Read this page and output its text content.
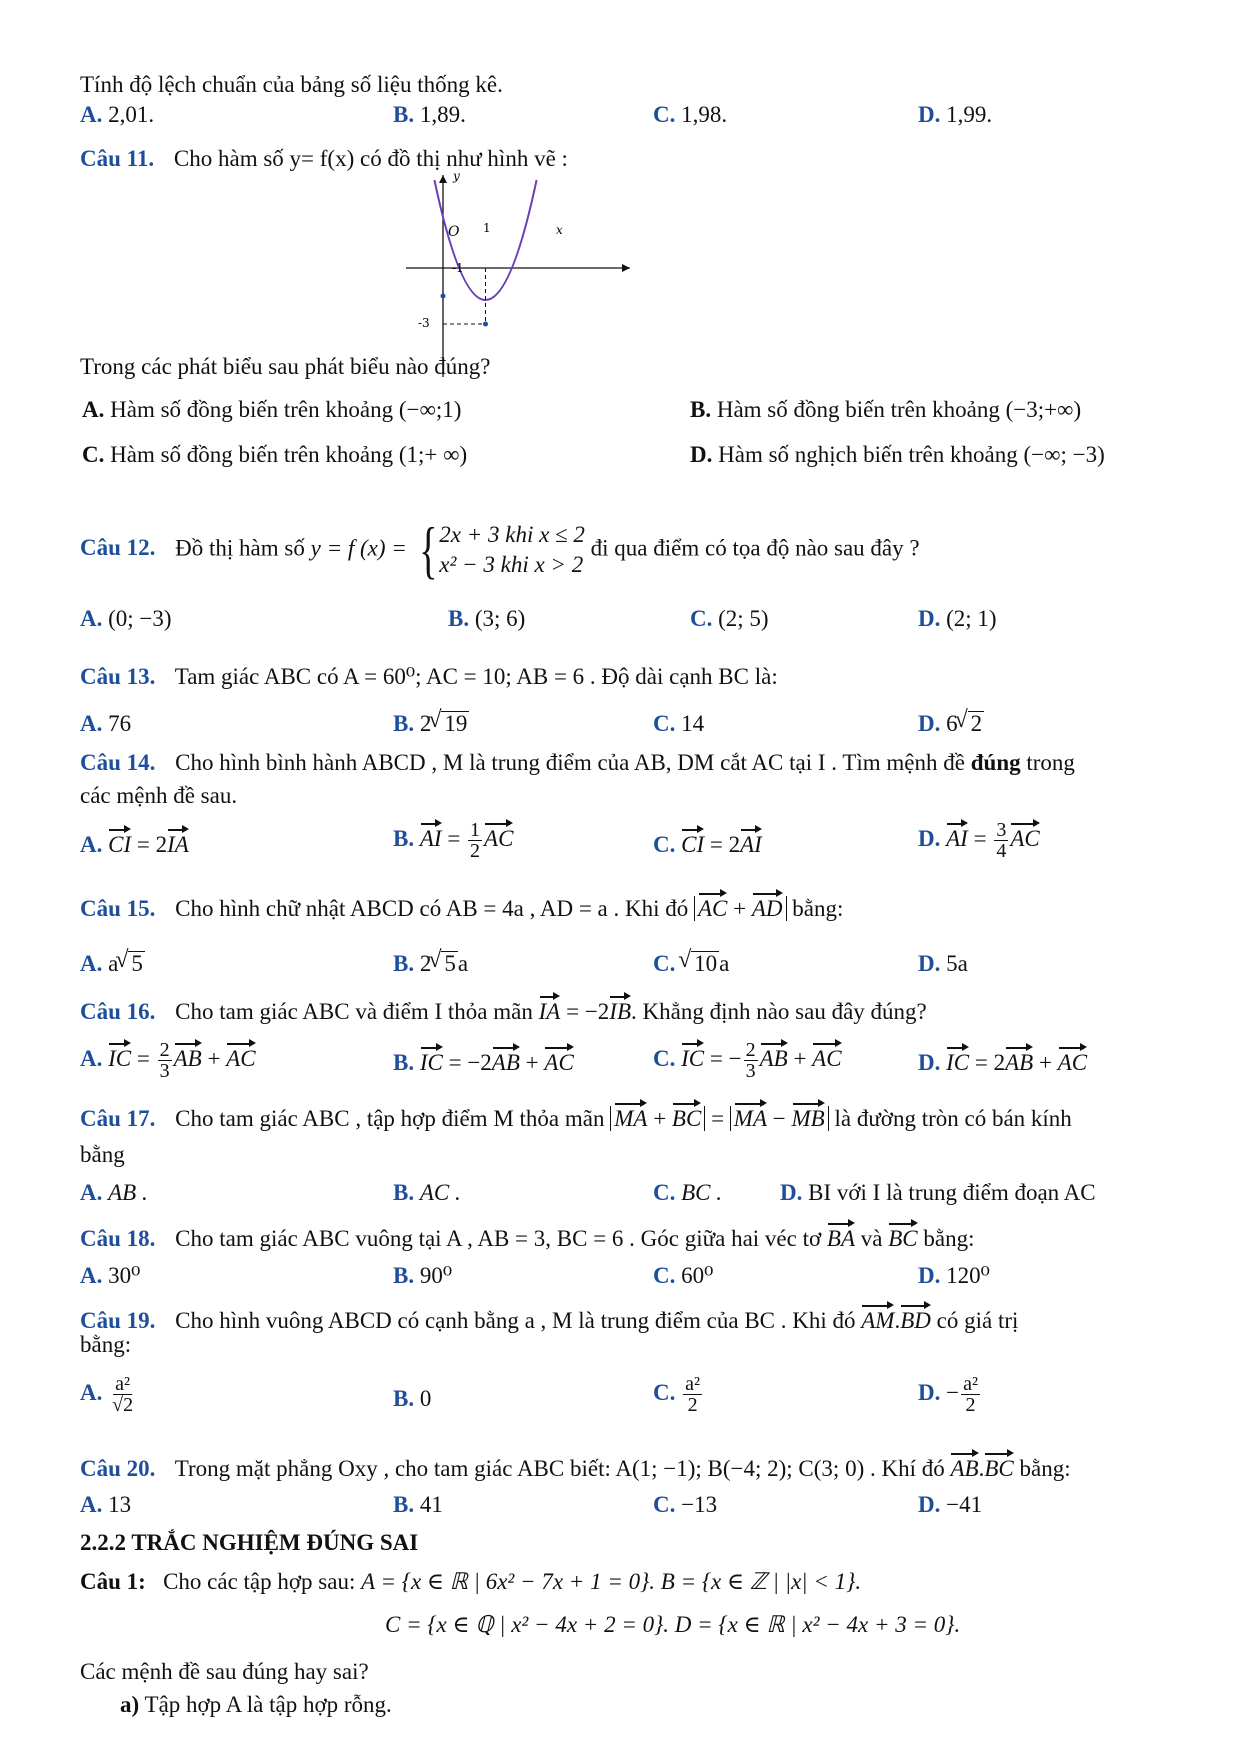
Tính độ lệch chuẩn của bảng số liệu thống kê.
A. 2,01.	B. 1,89.	C. 1,98.	D. 1,99.
Câu 11. Cho hàm số y= f(x) có đồ thị như hình vẽ :
y
x
O 1
-1
-3
Trong các phát biểu sau phát biểu nào đúng?
A. Hàm số đồng biến trên khoảng (−∞;1)	B. Hàm số đồng biến trên khoảng (−3;+∞)
C. Hàm số đồng biến trên khoảng (1;+ ∞)	D. Hàm số nghịch biến trên khoảng (−∞; −3)
Câu 12. Đồ thị hàm số y = f (x) = { 2x + 3 khi x ≤ 2
x² − 3 khi x > 2
đi qua điểm có tọa độ nào sau đây ?
A. (0; −3)	B. (3; 6)	C. (2; 5)	D. (2; 1)
Câu 13. Tam giác ABC có A = 60⁰; AC = 10; AB = 6 . Độ dài cạnh BC là:
A. 76	B. 2 √ 19	C. 14	D. 6 √ 2
Câu 14. Cho hình bình hành ABCD , M là trung điểm của AB, DM cắt AC tại I . Tìm mệnh đề đúng trong
các mệnh đề sau.
A. CI = 2IA	B. AI = $\frac{1}{2}$ AC	C. CI = 2AI	D. AI = $\frac{3}{4}$ AC
Câu 15. Cho hình chữ nhật ABCD có AB = 4a , AD = a . Khi đó AC + AD bằng:
A. a √ 5	B. 2 √ 5a	C. √ 10a	D. 5a
Câu 16. Cho tam giác ABC và điểm I thỏa mãn IA = −2IB. Khẳng định nào sau đây đúng?
A. IC = $\frac{2}{3}$ AB + AC	B. IC = −2AB + AC	C. IC = − $\frac{2}{3}$ AB + AC	D. IC = 2AB + AC
Câu 17. Cho tam giác ABC , tập hợp điểm M thỏa mãn MA + BC = MA − MB là đường tròn có bán kính
bằng
A. AB .	B. AC .	C. BC .	D. BI với I là trung điểm đoạn AC
Câu 18. Cho tam giác ABC vuông tại A , AB = 3, BC = 6 . Góc giữa hai véc tơ BA và BC bằng:
A. 30⁰	B. 90⁰	C. 60⁰	D. 120⁰
Câu 19. Cho hình vuông ABCD có cạnh bằng a , M là trung điểm của BC . Khi đó AM.BD có giá trị
bằng:
A. $\frac{\text{a²}}{√2}$	B. 0	C. $\frac{\text{a²}}{2}$	D. − $\frac{\text{a²}}{2}$
Câu 20. Trong mặt phẳng Oxy , cho tam giác ABC biết: A(1; −1); B(−4; 2); C(3; 0) . Khí đó AB.BC bằng:
A. 13	B. 41	C. −13	D. −41
2.2.2 TRẮC NGHIỆM ĐÚNG SAI
Câu 1: Cho các tập hợp sau: A = {x ∈ ℝ | 6x² − 7x + 1 = 0}. B = {x ∈ ℤ | |x| < 1}.
C = {x ∈ ℚ | x² − 4x + 2 = 0}. D = {x ∈ ℝ | x² − 4x + 3 = 0}.
Các mệnh đề sau đúng hay sai?
a) Tập hợp A là tập hợp rỗng.
